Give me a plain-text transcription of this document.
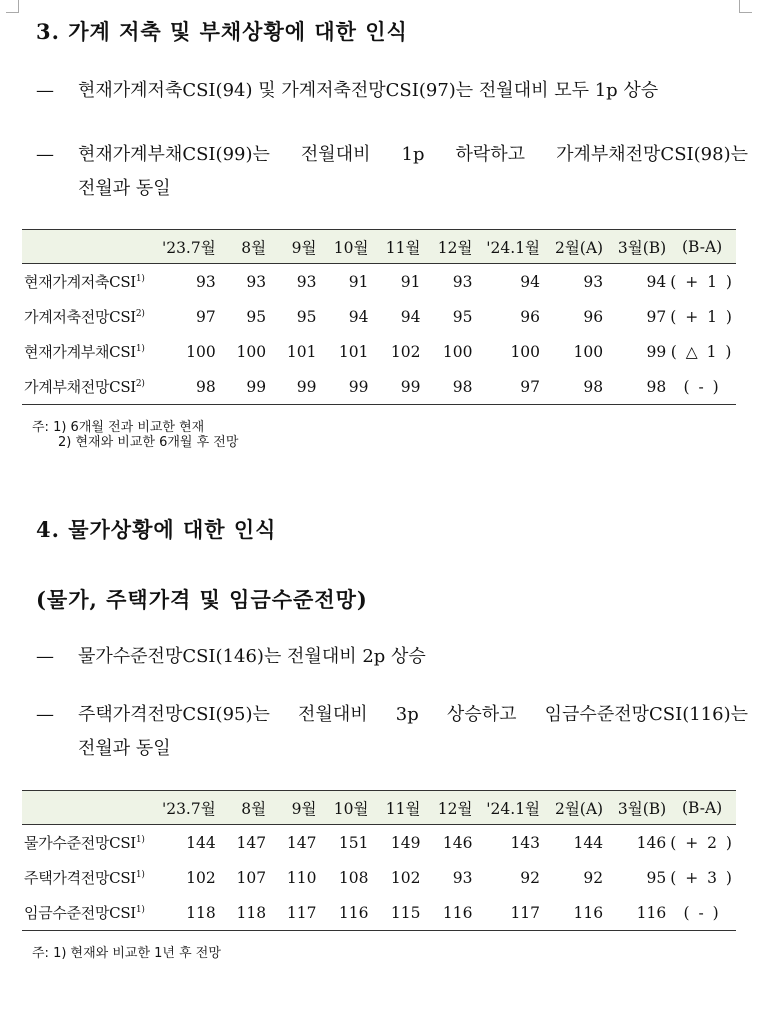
3. 가계 저축 및 부채상황에 대한 인식
—	현재가계저축CSI(94) 및 가계저축전망CSI(97)는 전월대비 모두 1p 상승
—	현재가계부채CSI(99)는 전월대비 1p 하락하고 가계부채전망CSI(98)는
전월과 동일
	'23.7월	8월	9월	10월	11월	12월	'24.1월	2월(A)	3월(B)	(B-A)
현재가계저축CSI$^{1)}$	93	93	93	91	91	93	94	93	94	( + 1 )
가계저축전망CSI$^{2)}$	97	95	95	94	94	95	96	96	97	( + 1 )
현재가계부채CSI$^{1)}$	100	100	101	101	102	100	100	100	99	( △ 1 )
가계부채전망CSI$^{2)}$	98	99	99	99	99	98	97	98	98	( - )
주: 1) 6개월 전과 비교한 현재
2) 현재와 비교한 6개월 후 전망
4. 물가상황에 대한 인식
(물가, 주택가격 및 임금수준전망)
—	물가수준전망CSI(146)는 전월대비 2p 상승
—	주택가격전망CSI(95)는 전월대비 3p 상승하고 임금수준전망CSI(116)는
전월과 동일
	'23.7월	8월	9월	10월	11월	12월	'24.1월	2월(A)	3월(B)	(B-A)
물가수준전망CSI$^{1)}$	144	147	147	151	149	146	143	144	146	( + 2 )
주택가격전망CSI$^{1)}$	102	107	110	108	102	93	92	92	95	( + 3 )
임금수준전망CSI$^{1)}$	118	118	117	116	115	116	117	116	116	( - )
주: 1) 현재와 비교한 1년 후 전망
